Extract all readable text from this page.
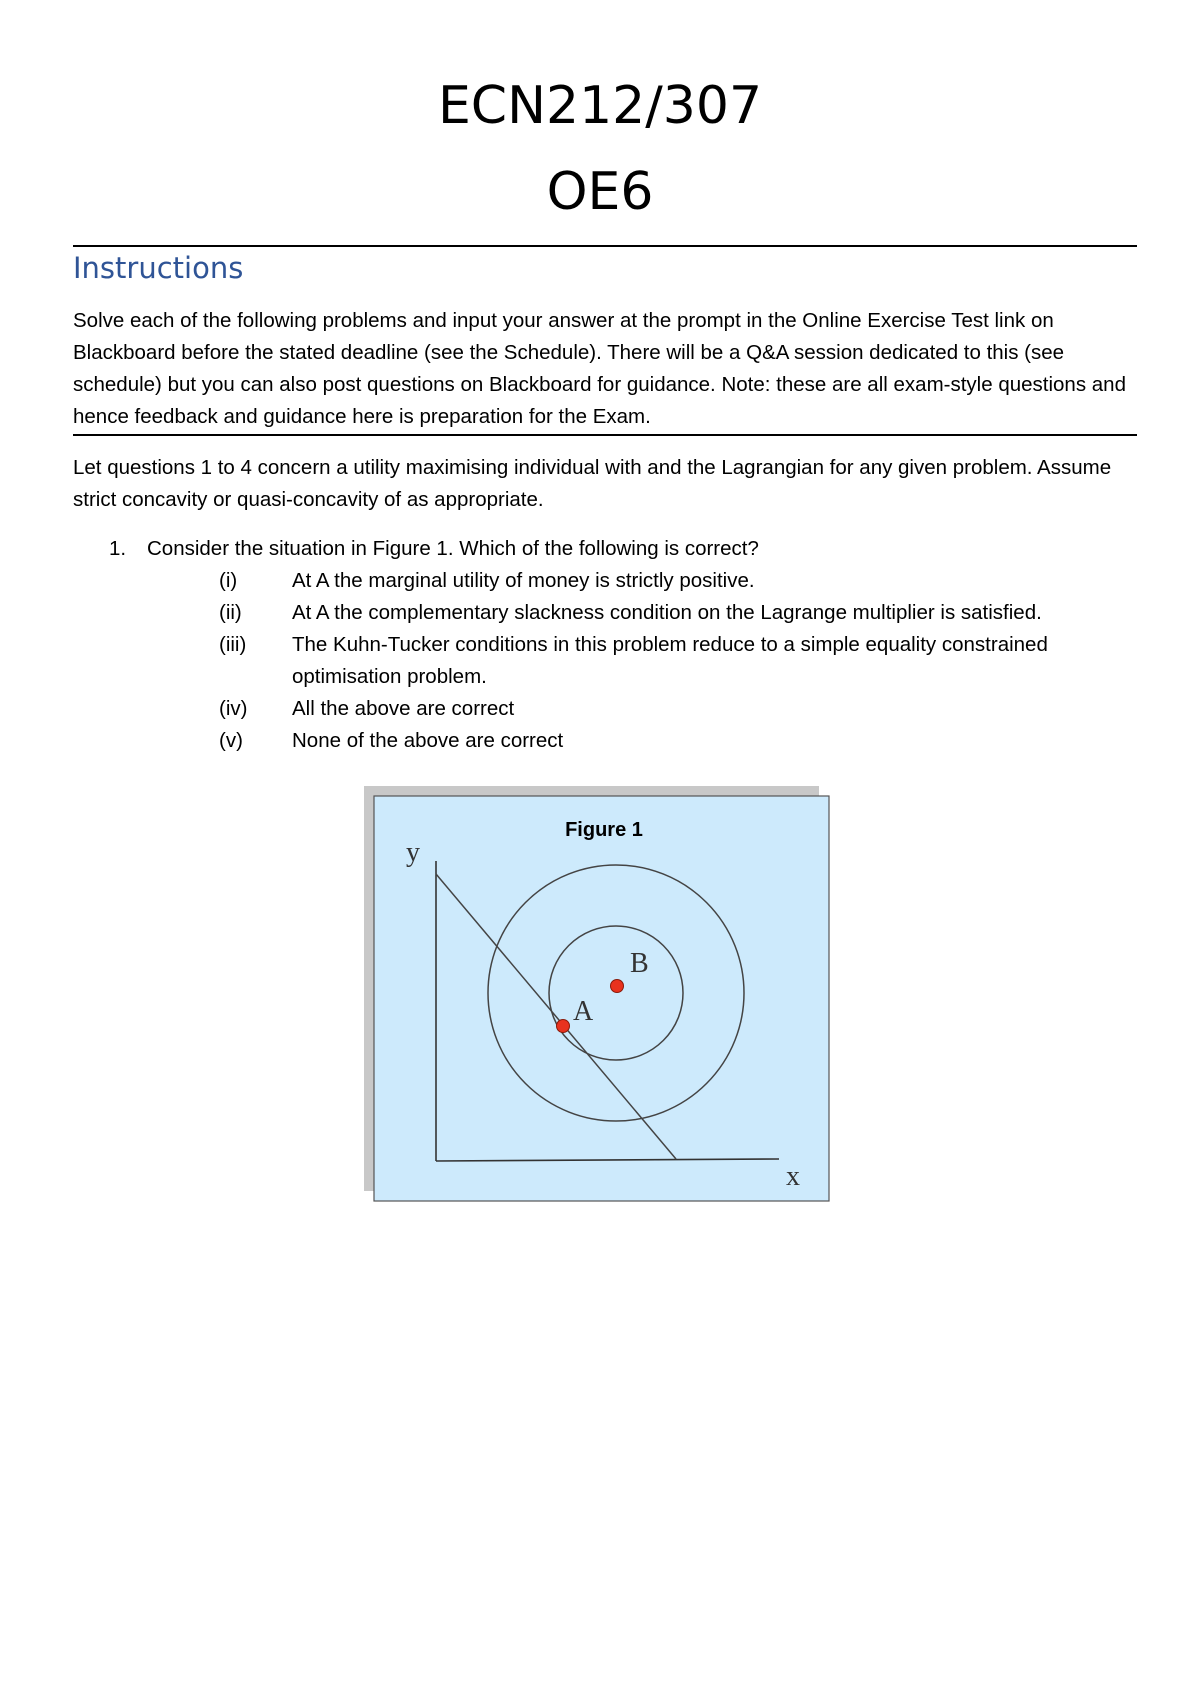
ECN212/307
OE6
Instructions
Solve each of the following problems and input your answer at the prompt in the Online Exercise Test link on Blackboard before the stated deadline (see the Schedule). There will be a Q&A session dedicated to this (see schedule) but you can also post questions on Blackboard for guidance. Note: these are all exam-style questions and hence feedback and guidance here is preparation for the Exam.
Let questions 1 to 4 concern a utility maximising individual with and the Lagrangian for any given problem. Assume strict concavity or quasi-concavity of as appropriate.
1. Consider the situation in Figure 1. Which of the following is correct?
(i)	At A the marginal utility of money is strictly positive.
(ii) At A the complementary slackness condition on the Lagrange multiplier is satisfied.
(iii) The Kuhn-Tucker conditions in this problem reduce to a simple equality constrained optimisation problem.
(iv) All the above are correct
(v) None of the above are correct
Figure 1
y
x
A
B
